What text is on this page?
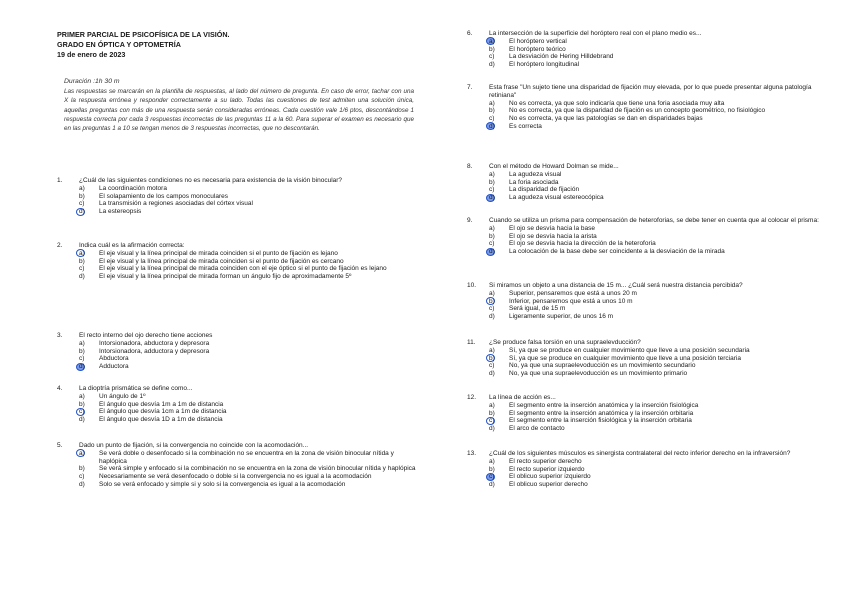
PRIMER PARCIAL DE PSICOFÍSICA DE LA VISIÓN.
GRADO EN ÓPTICA Y OPTOMETRÍA
19 de enero de 2023
Duración :1h 30 m
Las respuestas se marcarán en la plantilla de respuestas, al lado del número de pregunta. En caso de error, tachar con una X la respuesta errónea y responder correctamente a su lado. Todas las cuestiones de test admiten una solución única, aquellas preguntas con más de una respuesta serán consideradas erróneas. Cada cuestión vale 1/6 ptos, descontándose 1 respuesta correcta por cada 3 respuestas incorrectas de las preguntas 11 a la 60. Para superar el examen es necesario que en las preguntas 1 a 10 se tengan menos de 3 respuestas incorrectas, que no descontarán.
1.	¿Cuál de las siguientes condiciones no es necesaria para existencia de la visión binocular?
a) La coordinación motora
b) El solapamiento de los campos monoculares
c) La transmisión a regiones asociadas del córtex visual
d) La estereopsis
2.	Indica cuál es la afirmación correcta:
a) El eje visual y la línea principal de mirada coinciden si el punto de fijación es lejano
b) El eje visual y la línea principal de mirada coinciden si el punto de fijación es cercano
c) El eje visual y la línea principal de mirada coinciden con el eje óptico si el punto de fijación es lejano
d) El eje visual y la línea principal de mirada forman un ángulo fijo de aproximadamente 5º
3.	El recto interno del ojo derecho tiene acciones
a) Intorsionadora, abductora y depresora
b) Intorsionadora, adductora y depresora
c) Abductora
d) Adductora
4.	La dioptría prismática se define como...
a) Un ángulo de 1º
b) El ángulo que desvía 1m a 1m de distancia
c) El ángulo que desvía 1cm a 1m de distancia
d) El ángulo que desvía 1D a 1m de distancia
5.	Dado un punto de fijación, si la convergencia no coincide con la acomodación...
a) Se verá doble o desenfocado si la combinación no se encuentra en la zona de visión binocular nítida y haplópica
b) Se verá simple y enfocado si la combinación no se encuentra en la zona de visión binocular nítida y haplópica
c) Necesariamente se verá desenfocado o doble si la convergencia no es igual a la acomodación
d) Solo se verá enfocado y simple si y solo si la convergencia es igual a la acomodación
6.	La intersección de la superficie del horóptero real con el plano medio es...
a) El horóptero vertical
b) El horóptero teórico
c) La desviación de Hering Hilldebrand
d) El horóptero longitudinal
7.	Esta frase "Un sujeto tiene una disparidad de fijación muy elevada, por lo que puede presentar alguna patología retiniana"
a) No es correcta, ya que solo indicaría que tiene una foria asociada muy alta
b) No es correcta, ya que la disparidad de fijación es un concepto geométrico, no fisiológico
c) No es correcta, ya que las patologías se dan en disparidades bajas
d) Es correcta
8.	Con el método de Howard Dolman se mide...
a) La agudeza visual
b) La foria asociada
c) La disparidad de fijación
d) La agudeza visual estereocópica
9.	Cuando se utiliza un prisma para compensación de heteroforias, se debe tener en cuenta que al colocar el prisma:
a) El ojo se desvía hacia la base
b) El ojo se desvía hacia la arista
c) El ojo se desvía hacia la dirección de la heteroforia
d) La colocación de la base debe ser coincidente a la desviación de la mirada
10. Si miramos un objeto a una distancia de 15 m... ¿Cuál será nuestra distancia percibida?
a) Superior, pensaremos que está a unos 20 m
b) Inferior, pensaremos que está a unos 10 m
c) Será igual, de 15 m
d) Ligeramente superior, de unos 16 m
11. ¿Se produce falsa torsión en una supraelevducción?
a) Sí, ya que se produce en cualquier movimiento que lleve a una posición secundaria
b) Sí, ya que se produce en cualquier movimiento que lleve a una posición terciaria
c) No, ya que una supraelevoducción es un movimiento secundario
d) No, ya que una supraelevoducción es un movimiento primario
12. La línea de acción es...
a) El segmento entre la inserción anatómica y la inserción fisiológica
b) El segmento entre la inserción anatómica y la inserción orbitaria
c) El segmento entre la inserción fisiológica y la inserción orbitaria
d) El arco de contacto
13. ¿Cuál de los siguientes músculos es sinergista contralateral del recto inferior derecho en la infraversión?
a) El recto superior derecho
b) El recto superior izquierdo
c) El oblicuo superior izquierdo
d) El oblicuo superior derecho
